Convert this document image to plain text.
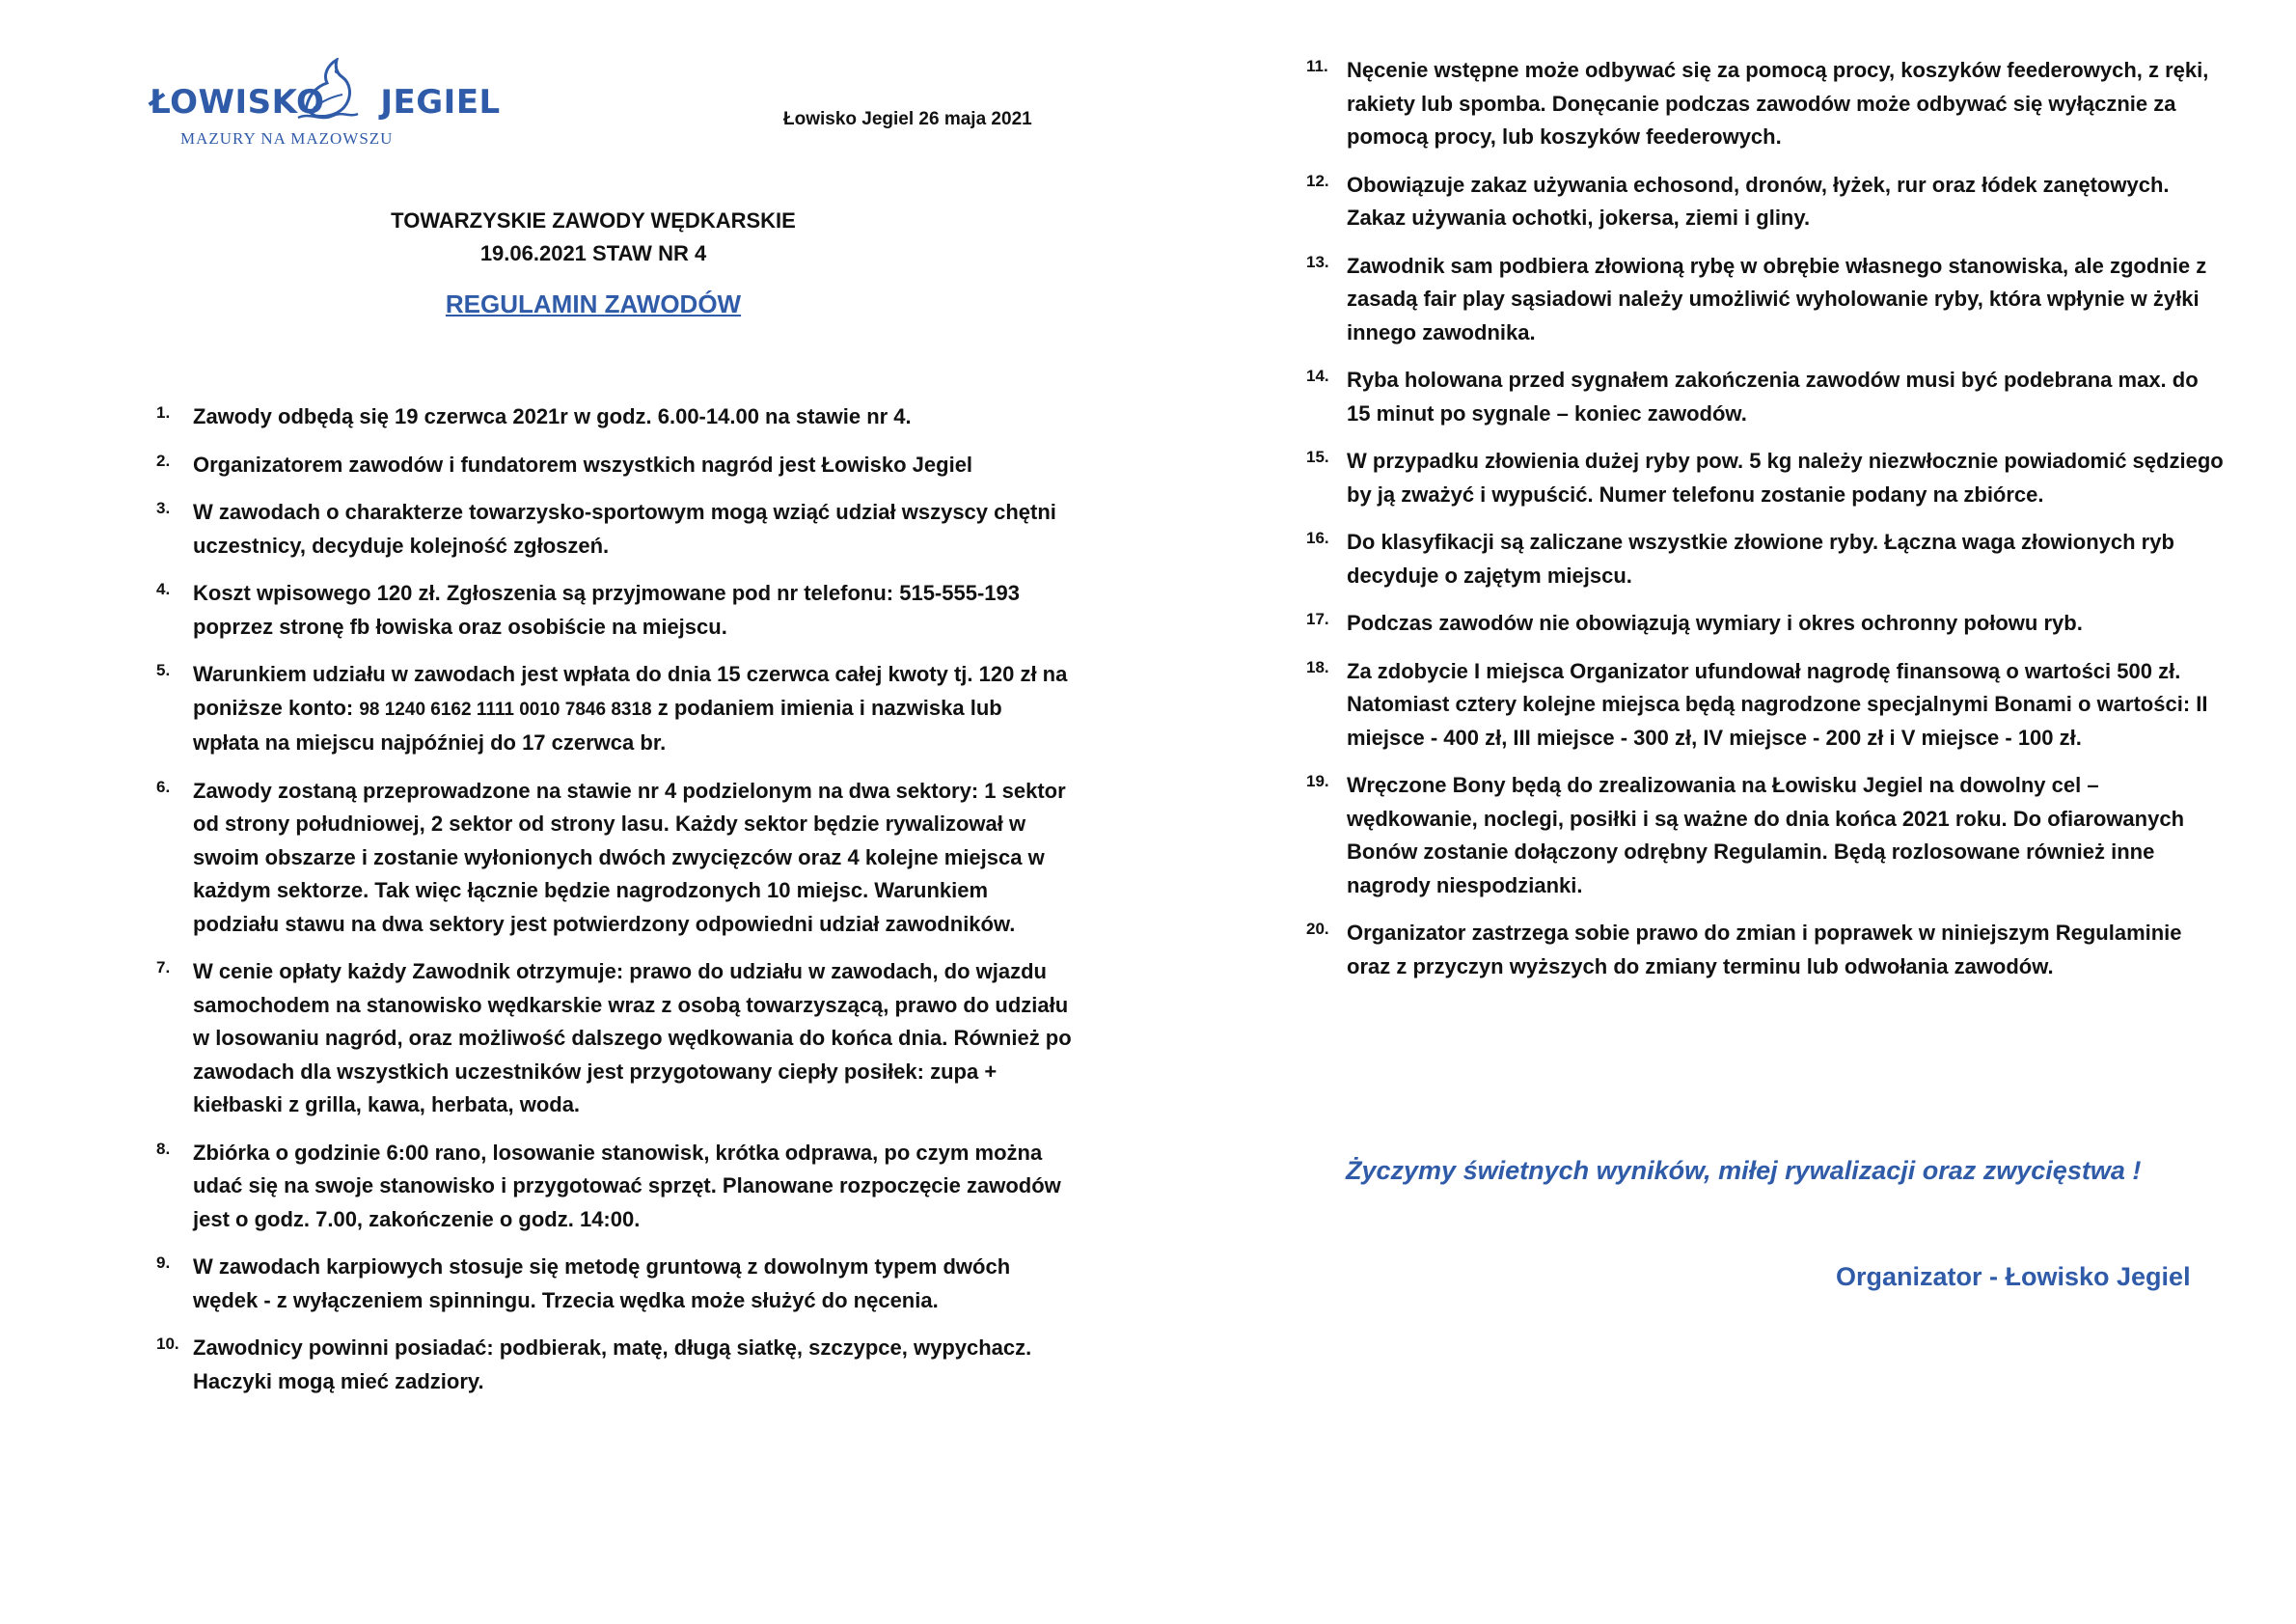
ŁOWISKO JEGIEL
MAZURY NA MAZOWSZU
Łowisko Jegiel 26 maja 2021
TOWARZYSKIE ZAWODY WĘDKARSKIE
19.06.2021 STAW NR 4
REGULAMIN ZAWODÓW
1. Zawody odbędą się 19 czerwca 2021r w godz. 6.00-14.00 na stawie nr 4.
2. Organizatorem zawodów i fundatorem wszystkich nagród jest Łowisko Jegiel
3. W zawodach o charakterze towarzysko-sportowym mogą wziąć udział wszyscy chętni uczestnicy, decyduje kolejność zgłoszeń.
4. Koszt wpisowego 120 zł. Zgłoszenia są przyjmowane pod nr telefonu: 515-555-193 poprzez stronę fb łowiska oraz osobiście na miejscu.
5. Warunkiem udziału w zawodach jest wpłata do dnia 15 czerwca całej kwoty tj. 120 zł na poniższe konto: 98 1240 6162 1111 0010 7846 8318 z podaniem imienia i nazwiska lub wpłata na miejscu najpóźniej do 17 czerwca br.
6. Zawody zostaną przeprowadzone na stawie nr 4 podzielonym na dwa sektory: 1 sektor od strony południowej, 2 sektor od strony lasu. Każdy sektor będzie rywalizował w swoim obszarze i zostanie wyłonionych dwóch zwycięzców oraz 4 kolejne miejsca w każdym sektorze. Tak więc łącznie będzie nagrodzonych 10 miejsc. Warunkiem podziału stawu na dwa sektory jest potwierdzony odpowiedni udział zawodników.
7. W cenie opłaty każdy Zawodnik otrzymuje: prawo do udziału w zawodach, do wjazdu samochodem na stanowisko wędkarskie wraz z osobą towarzyszącą, prawo do udziału w losowaniu nagród, oraz możliwość dalszego wędkowania do końca dnia. Również po zawodach dla wszystkich uczestników jest przygotowany ciepły posiłek: zupa + kiełbaski z grilla, kawa, herbata, woda.
8. Zbiórka o godzinie 6:00 rano, losowanie stanowisk, krótka odprawa, po czym można udać się na swoje stanowisko i przygotować sprzęt. Planowane rozpoczęcie zawodów jest o godz. 7.00, zakończenie o godz. 14:00.
9. W zawodach karpiowych stosuje się metodę gruntową z dowolnym typem dwóch wędek - z wyłączeniem spinningu. Trzecia wędka może służyć do nęcenia.
10. Zawodnicy powinni posiadać: podbierak, matę, długą siatkę, szczypce, wypychacz. Haczyki mogą mieć zadziory.
11. Nęcenie wstępne może odbywać się za pomocą procy, koszyków feederowych, z ręki, rakiety lub spomba. Donęcanie podczas zawodów może odbywać się wyłącznie za pomocą procy, lub koszyków feederowych.
12. Obowiązuje zakaz używania echosond, dronów, łyżek, rur oraz łódek zanętowych. Zakaz używania ochotki, jokersa, ziemi i gliny.
13. Zawodnik sam podbiera złowioną rybę w obrębie własnego stanowiska, ale zgodnie z zasadą fair play sąsiadowi należy umożliwić wyholowanie ryby, która wpłynie w żyłki innego zawodnika.
14. Ryba holowana przed sygnałem zakończenia zawodów musi być podebrana max. do 15 minut po sygnale – koniec zawodów.
15. W przypadku złowienia dużej ryby pow. 5 kg należy niezwłocznie powiadomić sędziego by ją zważyć i wypuścić. Numer telefonu zostanie podany na zbiórce.
16. Do klasyfikacji są zaliczane wszystkie złowione ryby. Łączna waga złowionych ryb decyduje o zajętym miejscu.
17. Podczas zawodów nie obowiązują wymiary i okres ochronny połowu ryb.
18. Za zdobycie I miejsca Organizator ufundował nagrodę finansową o wartości 500 zł. Natomiast cztery kolejne miejsca będą nagrodzone specjalnymi Bonami o wartości: II miejsce - 400 zł, III miejsce - 300 zł, IV miejsce - 200 zł i V miejsce - 100 zł.
19. Wręczone Bony będą do zrealizowania na Łowisku Jegiel na dowolny cel – wędkowanie, noclegi, posiłki i są ważne do dnia końca 2021 roku. Do ofiarowanych Bonów zostanie dołączony odrębny Regulamin. Będą rozlosowane również inne nagrody niespodzianki.
20. Organizator zastrzega sobie prawo do zmian i poprawek w niniejszym Regulaminie oraz z przyczyn wyższych do zmiany terminu lub odwołania zawodów.
Życzymy świetnych wyników, miłej rywalizacji oraz zwycięstwa !
Organizator - Łowisko Jegiel
